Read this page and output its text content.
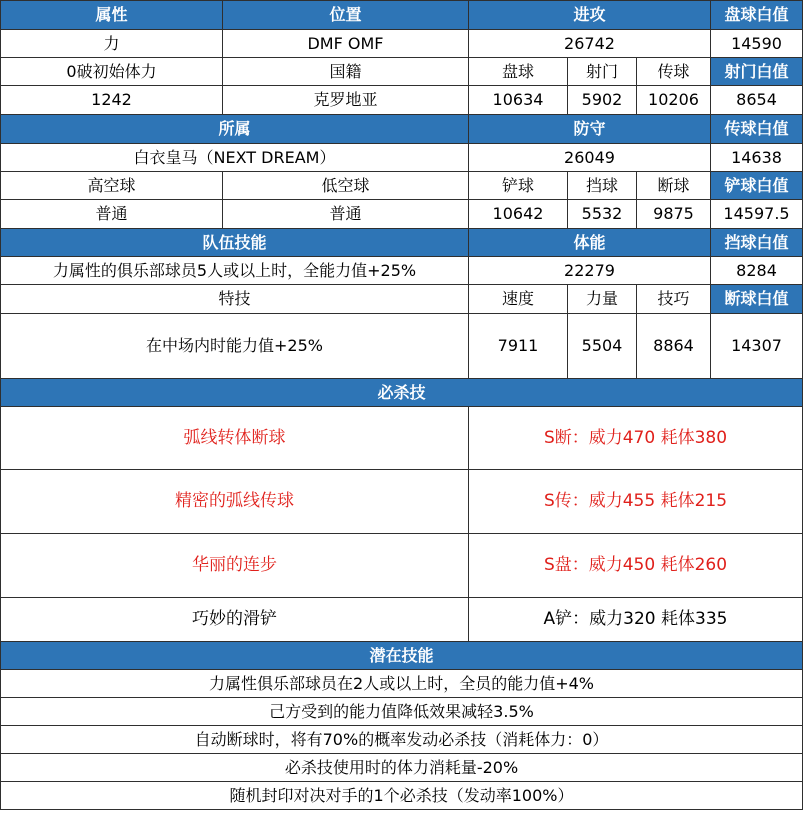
属性	位置	进攻			盘球白值
力	DMF OMF	26742			14590
0破初始体力	国籍	盘球	射门	传球	射门白值
1242	克罗地亚	10634	5902	10206	8654
所属		防守			传球白值
白衣皇马（NEXT DREAM）		26049			14638
高空球	低空球	铲球	挡球	断球	铲球白值
普通	普通	10642	5532	9875	14597.5
队伍技能		体能			挡球白值
力属性的俱乐部球员5人或以上时，全能力值+25%		22279			8284
特技		速度	力量	技巧	断球白值
在中场内时能力值+25%		7911	5504	8864	14307
必杀技					
弧线转体断球		S断：威力470 耗体380			
精密的弧线传球		S传：威力455 耗体215			
华丽的连步		S盘：威力450 耗体260			
巧妙的滑铲		A铲：威力320 耗体335			
潜在技能					
力属性俱乐部球员在2人或以上时，全员的能力值+4%					
己方受到的能力值降低效果减轻3.5%					
自动断球时，将有70%的概率发动必杀技（消耗体力：0）					
必杀技使用时的体力消耗量-20%					
随机封印对决对手的1个必杀技（发动率100%）					
